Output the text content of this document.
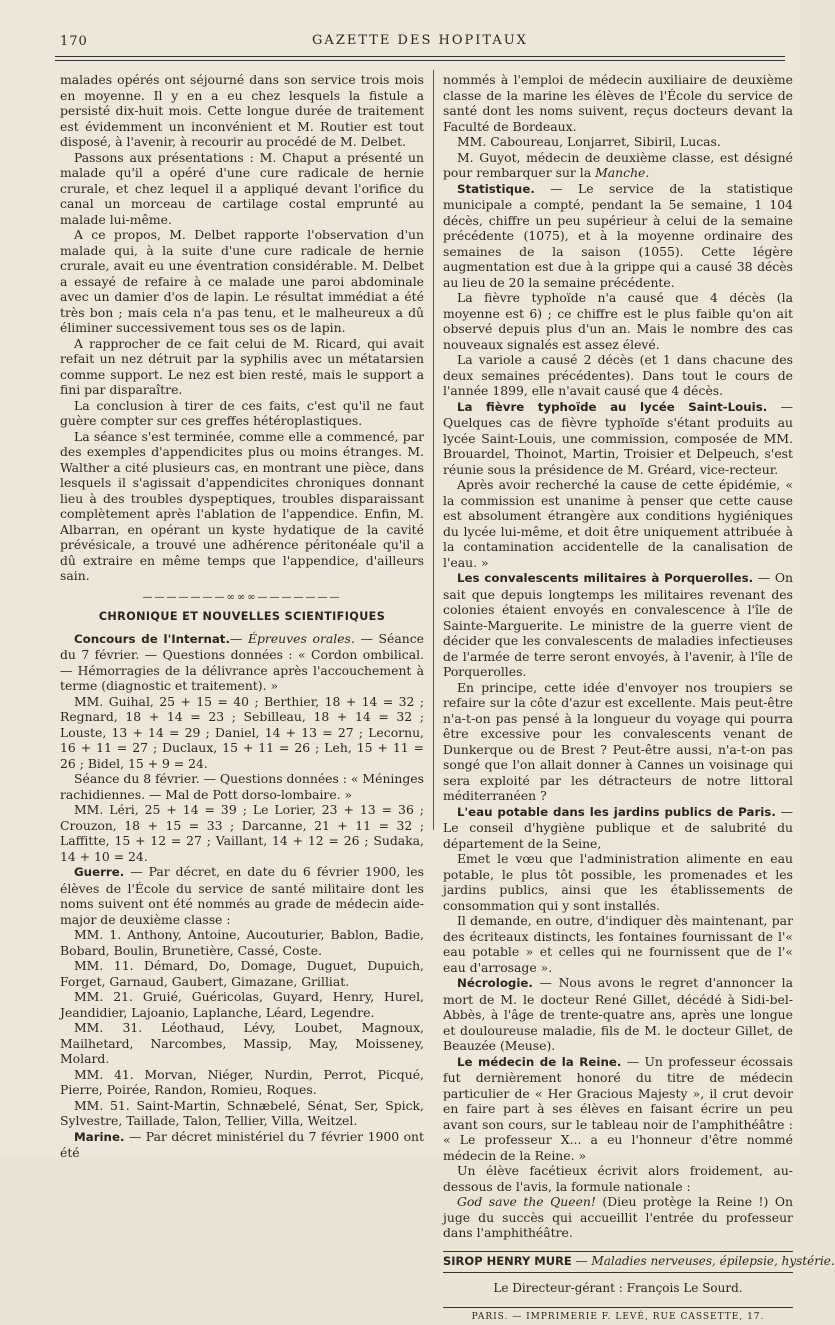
170	GAZETTE DES HOPITAUX

malades opérés ont séjourné dans son service trois mois en moyenne. Il y en a eu chez lesquels la fistule a persisté dix-huit mois. Cette longue durée de traitement est évidemment un inconvénient et M. Routier est tout disposé, à l'avenir, à recourir au procédé de M. Delbet.

Passons aux présentations : M. Chaput a présenté un malade qu'il a opéré d'une cure radicale de hernie crurale, et chez lequel il a appliqué devant l'orifice du canal un morceau de cartilage costal emprunté au malade lui-même.

A ce propos, M. Delbet rapporte l'observation d'un malade qui, à la suite d'une cure radicale de hernie crurale, avait eu une éventration considérable. M. Delbet a essayé de refaire à ce malade une paroi abdominale avec un damier d'os de lapin. Le résultat immédiat a été très bon ; mais cela n'a pas tenu, et le malheureux a dû éliminer successivement tous ses os de lapin.

A rapprocher de ce fait celui de M. Ricard, qui avait refait un nez détruit par la syphilis avec un métatarsien comme support. Le nez est bien resté, mais le support a fini par disparaître.

La conclusion à tirer de ces faits, c'est qu'il ne faut guère compter sur ces greffes hétéroplastiques.

La séance s'est terminée, comme elle a commencé, par des exemples d'appendicites plus ou moins étranges. M. Walther a cité plusieurs cas, en montrant une pièce, dans lesquels il s'agissait d'appendicites chroniques donnant lieu à des troubles dyspeptiques, troubles disparaissant complètement après l'ablation de l'appendice. Enfin, M. Albarran, en opérant un kyste hydatique de la cavité prévésicale, a trouvé une adhérence péritonéale qu'il a dû extraire en même temps que l'appendice, d'ailleurs sain.

———————∞∞∞———————
CHRONIQUE ET NOUVELLES SCIENTIFIQUES

Concours de l'Internat.— Épreuves orales. — Séance du 7 février. — Questions données : « Cordon ombilical. — Hémorragies de la délivrance après l'accouchement à terme (diagnostic et traitement). »

MM. Guihal, 25 + 15 = 40 ; Berthier, 18 + 14 = 32 ; Regnard, 18 + 14 = 23 ; Sebilleau, 18 + 14 = 32 ; Louste, 13 + 14 = 29 ; Daniel, 14 + 13 = 27 ; Lecornu, 16 + 11 = 27 ; Duclaux, 15 + 11 = 26 ; Leh, 15 + 11 = 26 ; Bidel, 15 + 9 = 24.

Séance du 8 février. — Questions données : « Méninges rachidiennes. — Mal de Pott dorso-lombaire. »

MM. Léri, 25 + 14 = 39 ; Le Lorier, 23 + 13 = 36 ; Crouzon, 18 + 15 = 33 ; Darcanne, 21 + 11 = 32 ; Laffitte, 15 + 12 = 27 ; Vaillant, 14 + 12 = 26 ; Sudaka, 14 + 10 = 24.

Guerre. — Par décret, en date du 6 février 1900, les élèves de l'École du service de santé militaire dont les noms suivent ont été nommés au grade de médecin aide-major de deuxième classe :

MM. 1. Anthony, Antoine, Aucouturier, Bablon, Badie, Bobard, Boulin, Brunetière, Cassé, Coste.

MM. 11. Démard, Do, Domage, Duguet, Dupuich, Forget, Garnaud, Gaubert, Gimazane, Grilliat.

MM. 21. Gruié, Guéricolas, Guyard, Henry, Hurel, Jeandidier, Lajoanio, Laplanche, Léard, Legendre.

MM. 31. Léothaud, Lévy, Loubet, Magnoux, Mailhetard, Narcombes, Massip, May, Moisseney, Molard.

MM. 41. Morvan, Niéger, Nurdin, Perrot, Picqué, Pierre, Poirée, Randon, Romieu, Roques.

MM. 51. Saint-Martin, Schnæbelé, Sénat, Ser, Spick, Sylvestre, Taillade, Talon, Tellier, Villa, Weitzel.

Marine. — Par décret ministériel du 7 février 1900 ont été

nommés à l'emploi de médecin auxiliaire de deuxième classe de la marine les élèves de l'École du service de santé dont les noms suivent, reçus docteurs devant la Faculté de Bordeaux.

MM. Caboureau, Lonjarret, Sibiril, Lucas.

M. Guyot, médecin de deuxième classe, est désigné pour rembarquer sur la Manche.

Statistique. — Le service de la statistique municipale a compté, pendant la 5e semaine, 1 104 décès, chiffre un peu supérieur à celui de la semaine précédente (1075), et à la moyenne ordinaire des semaines de la saison (1055). Cette légère augmentation est due à la grippe qui a causé 38 décès au lieu de 20 la semaine précédente.

La fièvre typhoïde n'a causé que 4 décès (la moyenne est 6) ; ce chiffre est le plus faible qu'on ait observé depuis plus d'un an. Mais le nombre des cas nouveaux signalés est assez élevé.

La variole a causé 2 décès (et 1 dans chacune des deux semaines précédentes). Dans tout le cours de l'année 1899, elle n'avait causé que 4 décès.

La fièvre typhoïde au lycée Saint-Louis. — Quelques cas de fièvre typhoïde s'étant produits au lycée Saint-Louis, une commission, composée de MM. Brouardel, Thoinot, Martin, Troisier et Delpeuch, s'est réunie sous la présidence de M. Gréard, vice-recteur.

Après avoir recherché la cause de cette épidémie, « la commission est unanime à penser que cette cause est absolument étrangère aux conditions hygiéniques du lycée lui-même, et doit être uniquement attribuée à la contamination accidentelle de la canalisation de l'eau. »

Les convalescents militaires à Porquerolles. — On sait que depuis longtemps les militaires revenant des colonies étaient envoyés en convalescence à l'île de Sainte-Marguerite. Le ministre de la guerre vient de décider que les convalescents de maladies infectieuses de l'armée de terre seront envoyés, à l'avenir, à l'île de Porquerolles.

En principe, cette idée d'envoyer nos troupiers se refaire sur la côte d'azur est excellente. Mais peut-être n'a-t-on pas pensé à la longueur du voyage qui pourra être excessive pour les convalescents venant de Dunkerque ou de Brest ? Peut-être aussi, n'a-t-on pas songé que l'on allait donner à Cannes un voisinage qui sera exploité par les détracteurs de notre littoral méditerranéen ?

L'eau potable dans les jardins publics de Paris. — Le conseil d'hygiène publique et de salubrité du département de la Seine,

Emet le vœu que l'administration alimente en eau potable, le plus tôt possible, les promenades et les jardins publics, ainsi que les établissements de consommation qui y sont installés.

Il demande, en outre, d'indiquer dès maintenant, par des écriteaux distincts, les fontaines fournissant de l'« eau potable » et celles qui ne fournissent que de l'« eau d'arrosage ».

Nécrologie. — Nous avons le regret d'annoncer la mort de M. le docteur René Gillet, décédé à Sidi-bel-Abbès, à l'âge de trente-quatre ans, après une longue et douloureuse maladie, fils de M. le docteur Gillet, de Beauzée (Meuse).

Le médecin de la Reine. — Un professeur écossais fut dernièrement honoré du titre de médecin particulier de « Her Gracious Majesty », il crut devoir en faire part à ses élèves en faisant écrire un peu avant son cours, sur le tableau noir de l'amphithéâtre : « Le professeur X... a eu l'honneur d'être nommé médecin de la Reine. »

Un élève facétieux écrivit alors froidement, au-dessous de l'avis, la formule nationale :

God save the Queen! (Dieu protège la Reine !) On juge du succès qui accueillit l'entrée du professeur dans l'amphithéâtre.

SIROP HENRY MURE — Maladies nerveuses, épilepsie, hystérie.
Le Directeur-gérant : François Le Sourd.
PARIS. — IMPRIMERIE F. LEVÉ, RUE CASSETTE, 17.
